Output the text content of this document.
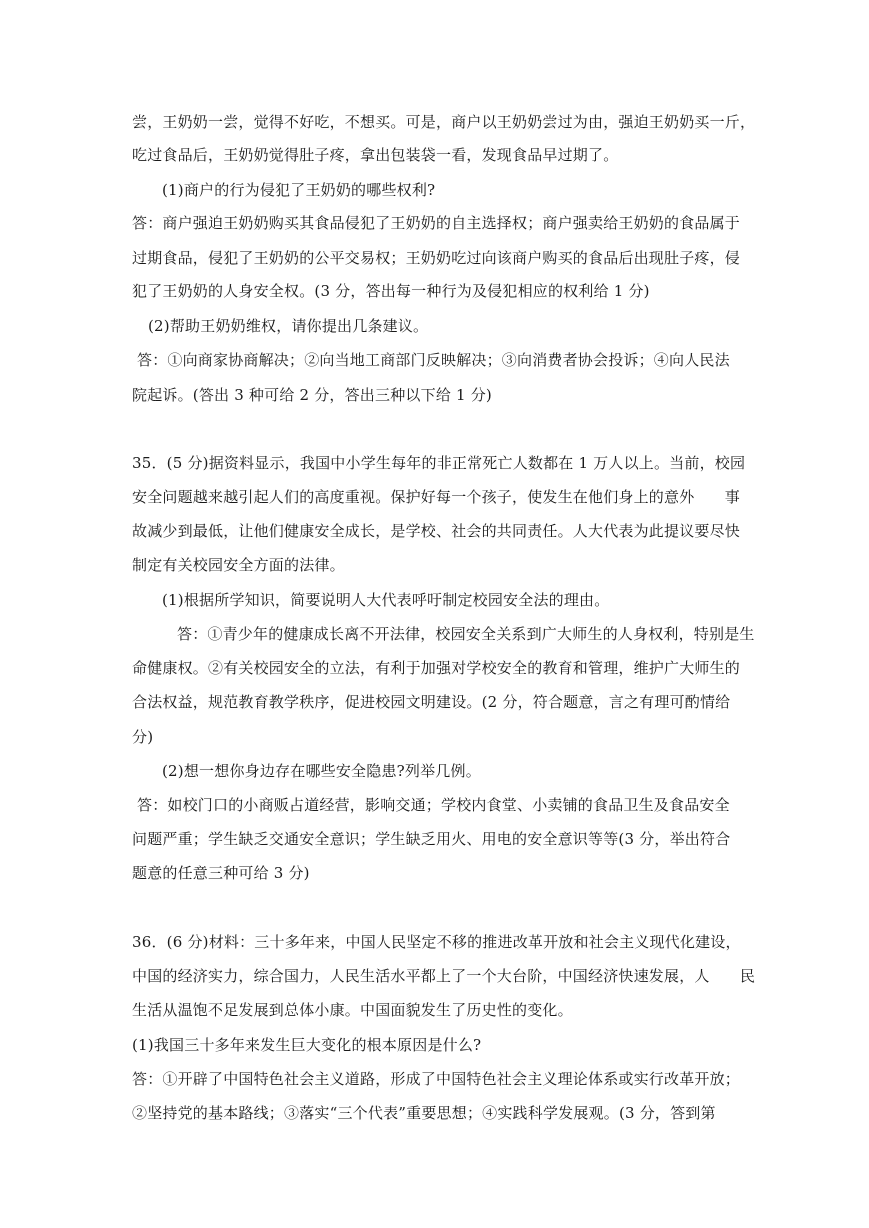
尝，王奶奶一尝，觉得不好吃，不想买。可是，商户以王奶奶尝过为由，强迫王奶奶买一斤，
吃过食品后，王奶奶觉得肚子疼，拿出包装袋一看，发现食品早过期了。
(1)商户的行为侵犯了王奶奶的哪些权利?
答：商户强迫王奶奶购买其食品侵犯了王奶奶的自主选择权；商户强卖给王奶奶的食品属于
过期食品，侵犯了王奶奶的公平交易权；王奶奶吃过向该商户购买的食品后出现肚子疼，侵
犯了王奶奶的人身安全权。(3 分，答出每一种行为及侵犯相应的权利给 1 分)
(2)帮助王奶奶维权，请你提出几条建议。
答：①向商家协商解决；②向当地工商部门反映解决；③向消费者协会投诉；④向人民法
院起诉。(答出 3 种可给 2 分，答出三种以下给 1 分)
35．(5 分)据资料显示，我国中小学生每年的非正常死亡人数都在 1 万人以上。当前，校园
安全问题越来越引起人们的高度重视。保护好每一个孩子，使发生在他们身上的意外　　事
故减少到最低，让他们健康安全成长，是学校、社会的共同责任。人大代表为此提议要尽快
制定有关校园安全方面的法律。
(1)根据所学知识，简要说明人大代表呼吁制定校园安全法的理由。
答：①青少年的健康成长离不开法律，校园安全关系到广大师生的人身权利，特别是生
命健康权。②有关校园安全的立法，有利于加强对学校安全的教育和管理，维护广大师生的
合法权益，规范教育教学秩序，促进校园文明建设。(2 分，符合题意，言之有理可酌情给
分)
(2)想一想你身边存在哪些安全隐患?列举几例。
答：如校门口的小商贩占道经营，影响交通；学校内食堂、小卖铺的食品卫生及食品安全
问题严重；学生缺乏交通安全意识；学生缺乏用火、用电的安全意识等等(3 分，举出符合
题意的任意三种可给 3 分)
36．(6 分)材料：三十多年来，中国人民坚定不移的推进改革开放和社会主义现代化建设，
中国的经济实力，综合国力，人民生活水平都上了一个大台阶，中国经济快速发展，人　　民
生活从温饱不足发展到总体小康。中国面貌发生了历史性的变化。
(1)我国三十多年来发生巨大变化的根本原因是什么?
答：①开辟了中国特色社会主义道路，形成了中国特色社会主义理论体系或实行改革开放；
②坚持党的基本路线；③落实“三个代表”重要思想；④实践科学发展观。(3 分，答到第
